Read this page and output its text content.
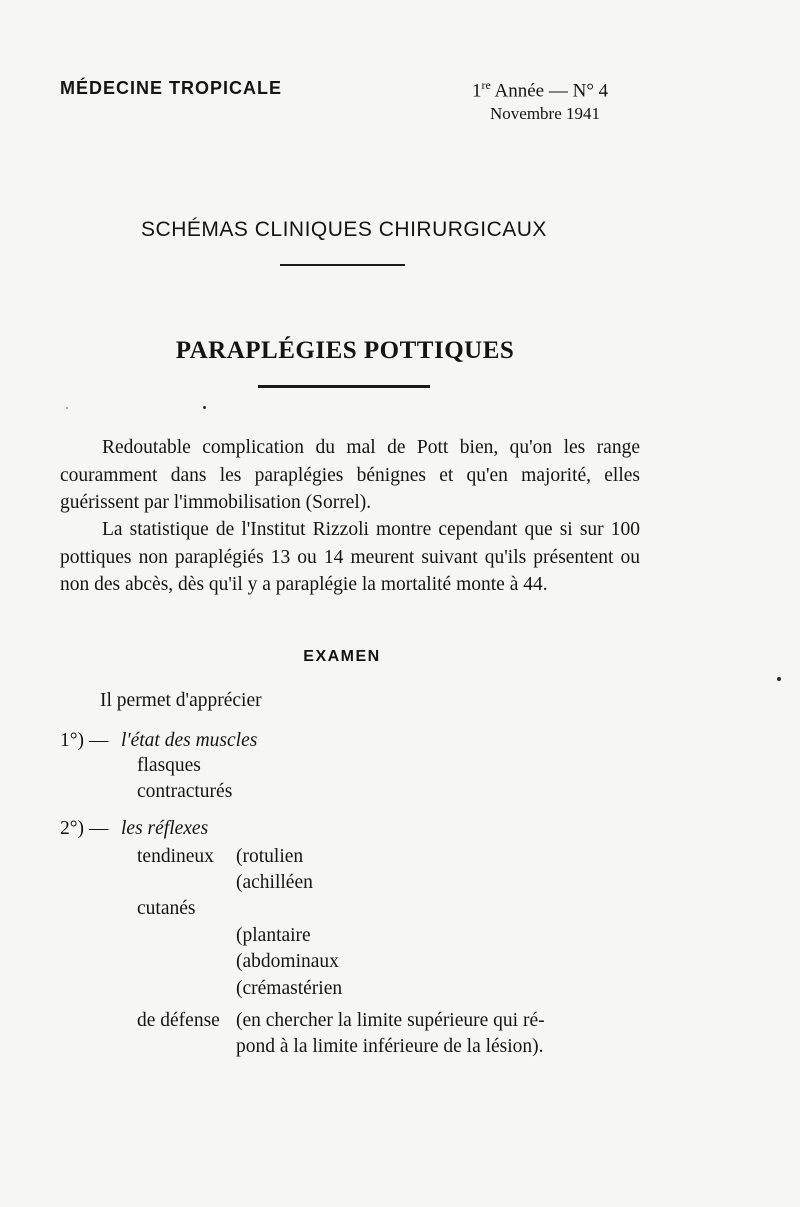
MÉDECINE TROPICALE	1re Année — N° 4
Novembre 1941
SCHÉMAS CLINIQUES CHIRURGICAUX
PARAPLÉGIES POTTIQUES
Redoutable complication du mal de Pott bien, qu'on les range couramment dans les paraplégies bénignes et qu'en majorité, elles guérissent par l'immobilisation (Sorrel).
La statistique de l'Institut Rizzoli montre cependant que si sur 100 pottiques non paraplégiés 13 ou 14 meurent suivant qu'ils présentent ou non des abcès, dès qu'il y a paraplégie la mortalité monte à 44.
EXAMEN
Il permet d'apprécier
1°) — l'état des muscles
flasques
contracturés
2°) — les réflexes
tendineux (rotulien
(achilléen
cutanés
(plantaire
(abdominaux
(crémastérien
de défense (en chercher la limite supérieure qui ré-
pond à la limite inférieure de la lésion).
